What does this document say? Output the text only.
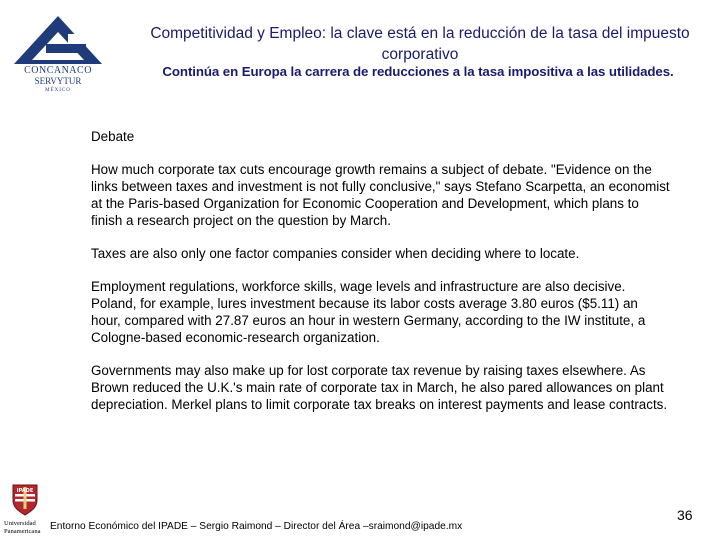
CONCANACO
SERVYTUR
MÉXICO
Competitividad y Empleo: la clave está en la reducción de la tasa del impuesto corporativo
Continúa en Europa la carrera de reducciones a la tasa impositiva a las utilidades.

Debate

How much corporate tax cuts encourage growth remains a subject of debate. "Evidence on the links between taxes and investment is not fully conclusive," says Stefano Scarpetta, an economist at the Paris-based Organization for Economic Cooperation and Development, which plans to finish a research project on the question by March.

Taxes are also only one factor companies consider when deciding where to locate.

Employment regulations, workforce skills, wage levels and infrastructure are also decisive. Poland, for example, lures investment because its labor costs average 3.80 euros ($5.11) an hour, compared with 27.87 euros an hour in western Germany, according to the IW institute, a Cologne-based economic-research organization.

Governments may also make up for lost corporate tax revenue by raising taxes elsewhere. As Brown reduced the U.K.'s main rate of corporate tax in March, he also pared allowances on plant depreciation. Merkel plans to limit corporate tax breaks on interest payments and lease contracts.

IPADE
Universidad Panamericana Entorno Económico del IPADE – Sergio Raimond – Director del Área –sraimond@ipade.mx
36
